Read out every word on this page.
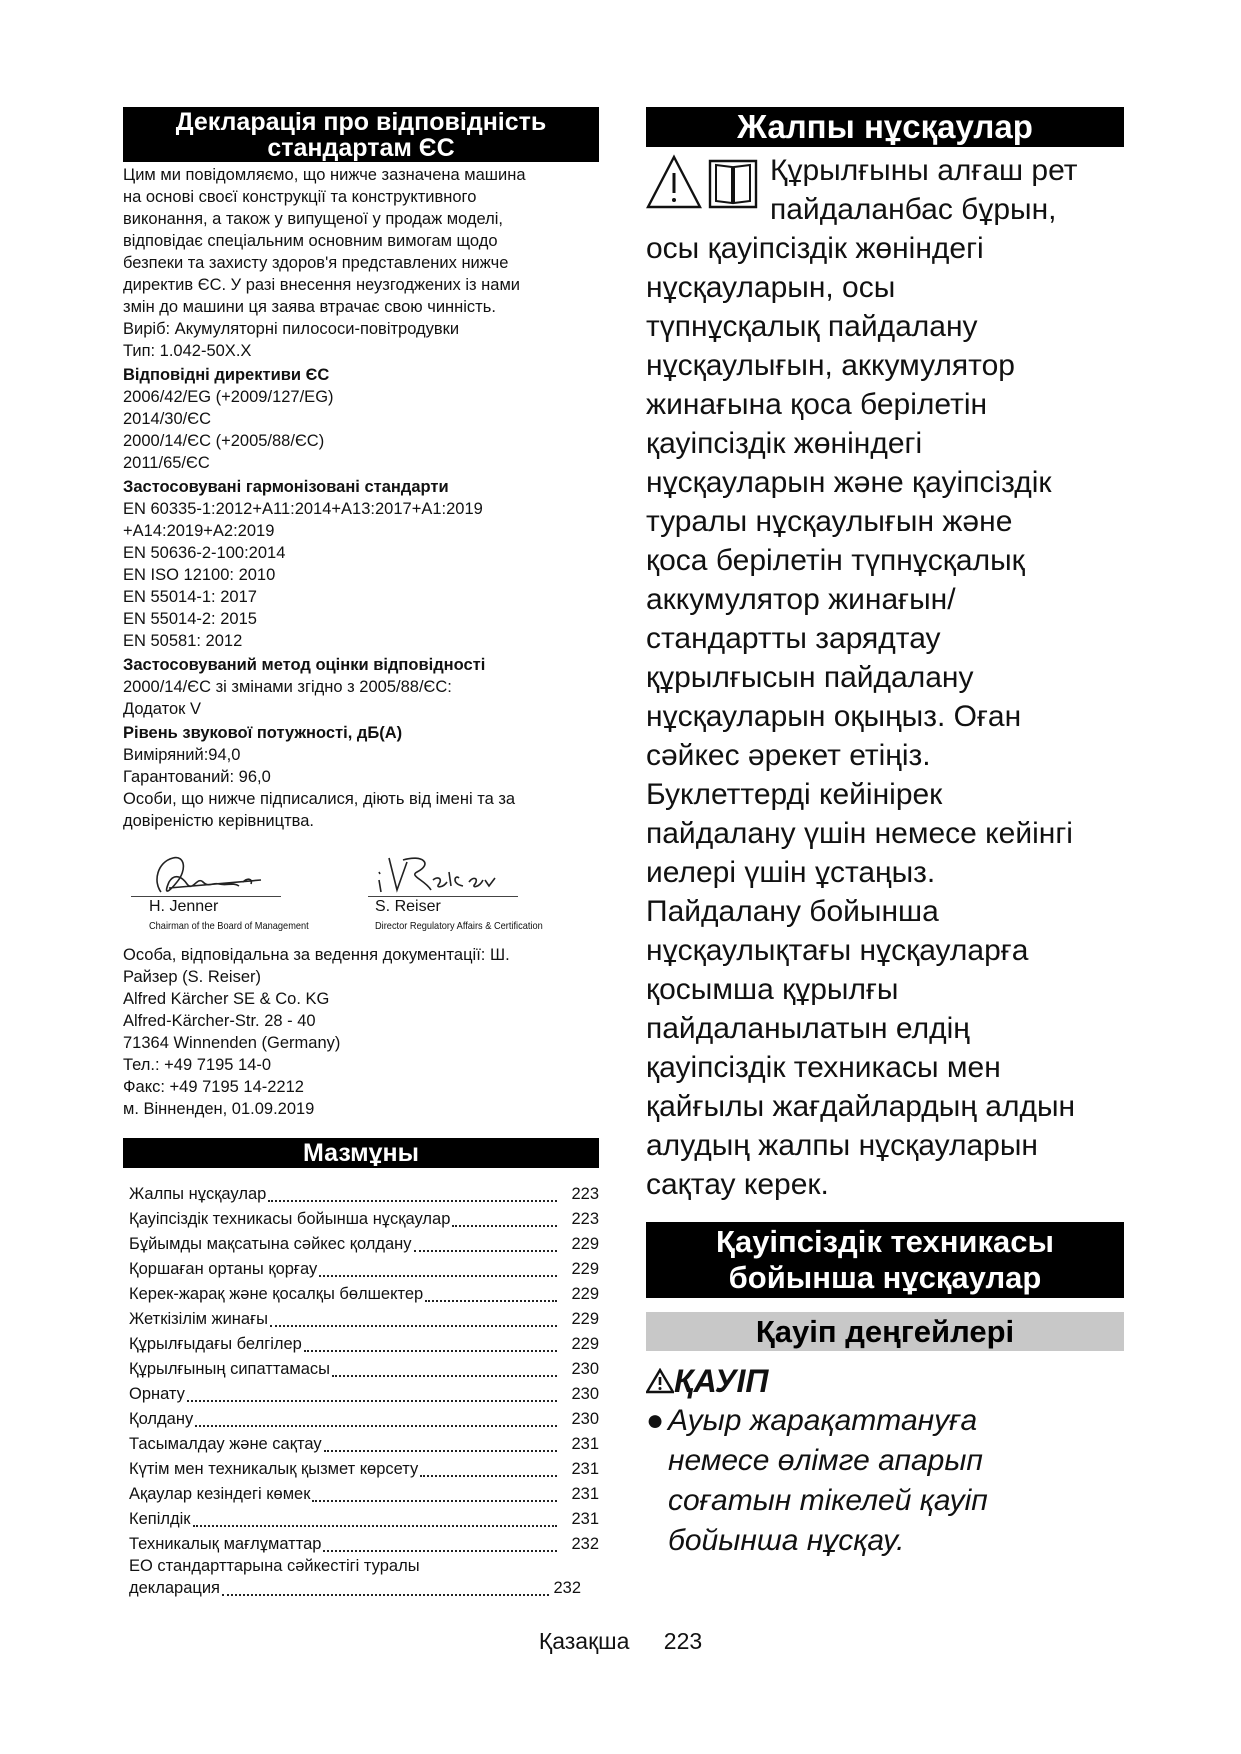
Декларація про відповідність
стандартам ЄС

Цим ми повідомляємо, що нижче зазначена машина

на основі своєї конструкції та конструктивного

виконання, а також у випущеної у продаж моделі,

відповідає спеціальним основним вимогам щодо

безпеки та захисту здоров'я представлених нижче

директив ЄС. У разі внесення неузгоджених із нами

змін до машини ця заява втрачає свою чинність.

Виріб: Акумуляторні пилососи-повітродувки

Тип: 1.042-50X.X

Відповідні директиви ЄС

2006/42/EG (+2009/127/EG)

2014/30/ЄС

2000/14/ЄС (+2005/88/ЄС)

2011/65/ЄС

Застосовувані гармонізовані стандарти

EN 60335-1:2012+A11:2014+A13:2017+A1:2019

+A14:2019+A2:2019

EN 50636-2-100:2014

EN ISO 12100: 2010

EN 55014-1: 2017

EN 55014-2: 2015

EN 50581: 2012

Застосовуваний метод оцінки відповідності

2000/14/ЄС зі змінами згідно з 2005/88/ЄС:

Додаток V

Рівень звукової потужності, дБ(А)

Виміряний:94,0

Гарантований: 96,0

Особи, що нижче підписалися, діють від імені та за

довіреністю керівництва.

H. Jenner
Chairman of the Board of Management
S. Reiser
Director Regulatory Affairs & Certification

Особа, відповідальна за ведення документації: Ш.

Райзер (S. Reiser)

Alfred Kärcher SE & Co. KG

Alfred-Kärcher-Str. 28 - 40

71364 Winnenden (Germany)

Тел.: +49 7195 14-0

Факс: +49 7195 14-2212

м. Вінненден, 01.09.2019

Мазмұны
Жалпы нұсқаулар	223
Қауіпсіздік техникасы бойынша нұсқаулар	223
Бұйымды мақсатына сәйкес қолдану	229
Қоршаған ортаны қорғау	229
Керек-жарақ және қосалқы бөлшектер	229
Жеткізілім жинағы	229
Құрылғыдағы белгілер	229
Құрылғының сипаттамасы	230
Орнату	230
Қолдану	230
Тасымалдау және сақтау	231
Күтім мен техникалық қызмет көрсету	231
Ақаулар кезіндегі көмек	231
Кепілдік	231
Техникалық мағлұматтар	232
ЕО стандарттарына сәйкестігі туралы
декларация	232
Жалпы нұсқаулар

Құрылғыны алғаш рет

пайдаланбас бұрын,

осы қауіпсіздік жөніндегі

нұсқауларын, осы

түпнұсқалық пайдалану

нұсқаулығын, аккумулятор

жинағына қоса берілетін

қауіпсіздік жөніндегі

нұсқауларын және қауіпсіздік

туралы нұсқаулығын және

қоса берілетін түпнұсқалық

аккумулятор жинағын/

стандартты зарядтау

құрылғысын пайдалану

нұсқауларын оқыңыз. Оған

сәйкес әрекет етіңіз.

Буклеттерді кейінірек

пайдалану үшін немесе кейінгі

иелері үшін ұстаңыз.

Пайдалану бойынша

нұсқаулықтағы нұсқауларға

қосымша құрылғы

пайдаланылатын елдің

қауіпсіздік техникасы мен

қайғылы жағдайлардың алдын

алудың жалпы нұсқауларын

сақтау керек.

Қауіпсіздік техникасы
бойынша нұсқаулар
Қауіп деңгейлері
ҚАУІП
● Ауыр жарақаттануға
немесе өлімге апарып
соғатын тікелей қауіп
бойынша нұсқау.
Қазақша 223
